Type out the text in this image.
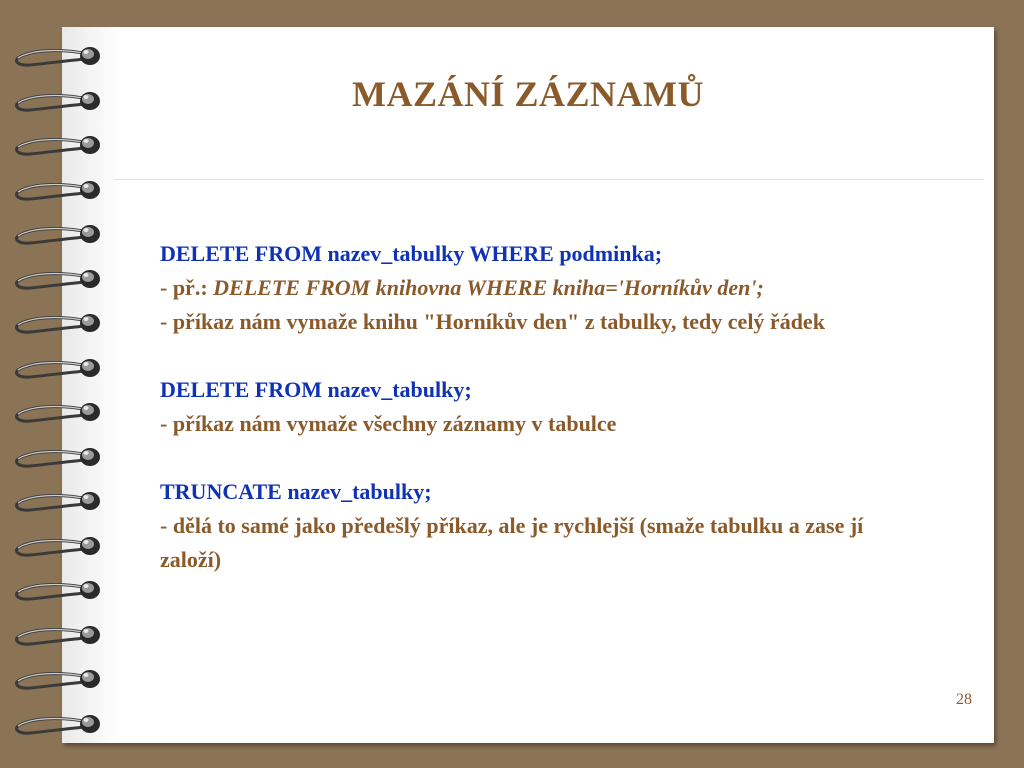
MAZÁNÍ ZÁZNAMŮ
DELETE FROM nazev_tabulky WHERE podminka;
- př.: DELETE FROM knihovna WHERE kniha='Horníkův den';
- příkaz nám vymaže knihu "Horníkův den" z tabulky, tedy celý řádek
DELETE FROM nazev_tabulky;
- příkaz nám vymaže všechny záznamy v tabulce
TRUNCATE nazev_tabulky;
- dělá to samé jako předešlý příkaz, ale je rychlejší (smaže tabulku a zase jí založí)
28
